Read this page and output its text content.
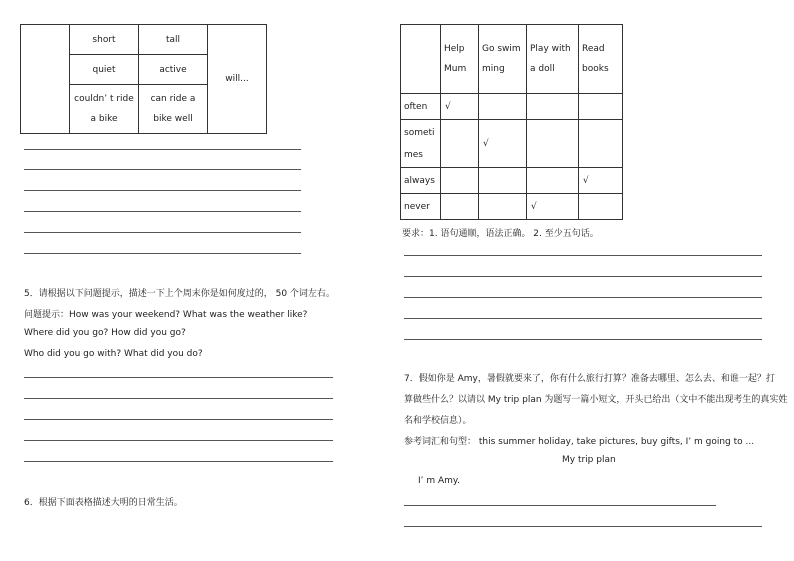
	short	tall	will...
	quiet	active	
	couldn’ t ride a bike	can ride a bike well	
5．请根据以下问题提示，描述一下上个周末你是如何度过的， 50 个词左右。
问题提示：How was your weekend? What was the weather like?
Where did you go? How did you go?
Who did you go with? What did you do?
6．根据下面表格描述大明的日常生活。
	Help Mum	Go swimming	Play with a doll	Read books
often	√			
sometimes		√		
always				√
never			√	
要求：1. 语句通顺，语法正确。 2. 至少五句话。
7．假如你是 Amy，暑假就要来了，你有什么旅行打算？准备去哪里、怎么去、和谁一起？打
算做些什么？以请以 My trip plan 为题写一篇小短文，开头已给出（文中不能出现考生的真实姓
名和学校信息）。
参考词汇和句型： this summer holiday, take pictures, buy gifts, I’ m going to ...
My trip plan
I’ m Amy.
